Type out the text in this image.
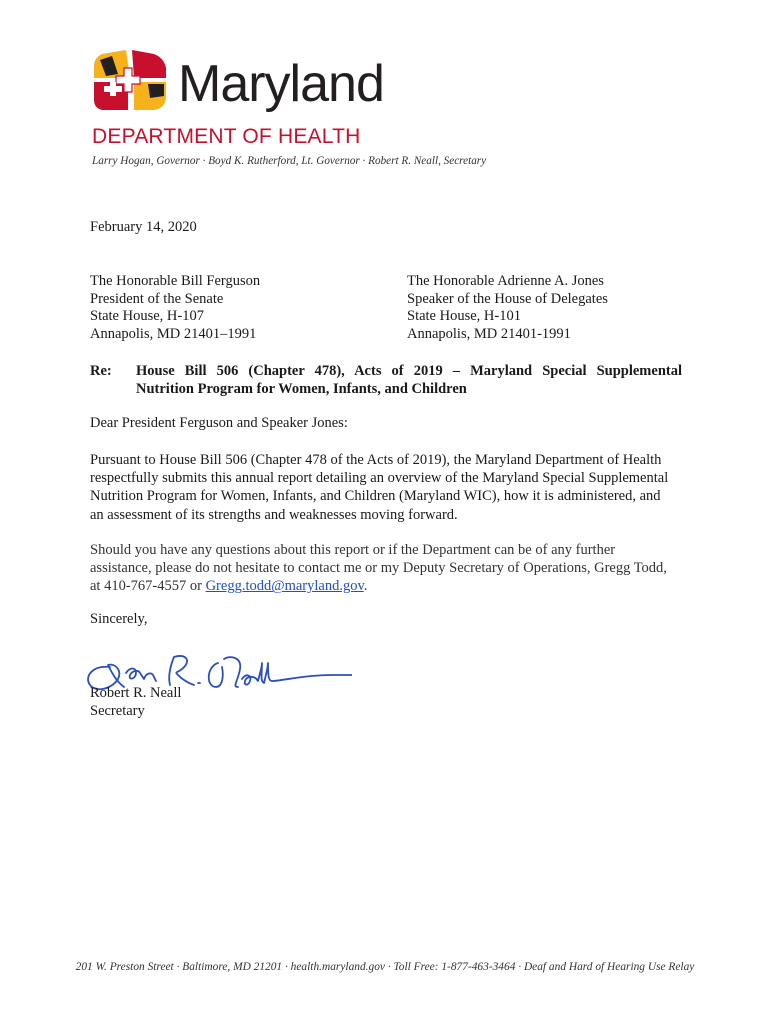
Maryland
DEPARTMENT OF HEALTH
Larry Hogan, Governor · Boyd K. Rutherford, Lt. Governor · Robert R. Neall, Secretary
February 14, 2020
The Honorable Bill Ferguson
President of the Senate
State House, H-107
Annapolis, MD 21401–1991
The Honorable Adrienne A. Jones
Speaker of the House of Delegates
State House, H-101
Annapolis, MD 21401-1991
Re: House Bill 506 (Chapter 478), Acts of 2019 – Maryland Special Supplemental
Nutrition Program for Women, Infants, and Children
Dear President Ferguson and Speaker Jones:
Pursuant to House Bill 506 (Chapter 478 of the Acts of 2019), the Maryland Department of Health respectfully submits this annual report detailing an overview of the Maryland Special Supplemental Nutrition Program for Women, Infants, and Children (Maryland WIC), how it is administered, and an assessment of its strengths and weaknesses moving forward.
Should you have any questions about this report or if the Department can be of any further assistance, please do not hesitate to contact me or my Deputy Secretary of Operations, Gregg Todd, at 410-767-4557 or Gregg.todd@maryland.gov.
Sincerely,
Robert R. Neall
Secretary
201 W. Preston Street · Baltimore, MD 21201 · health.maryland.gov · Toll Free: 1-877-463-3464 · Deaf and Hard of Hearing Use Relay
